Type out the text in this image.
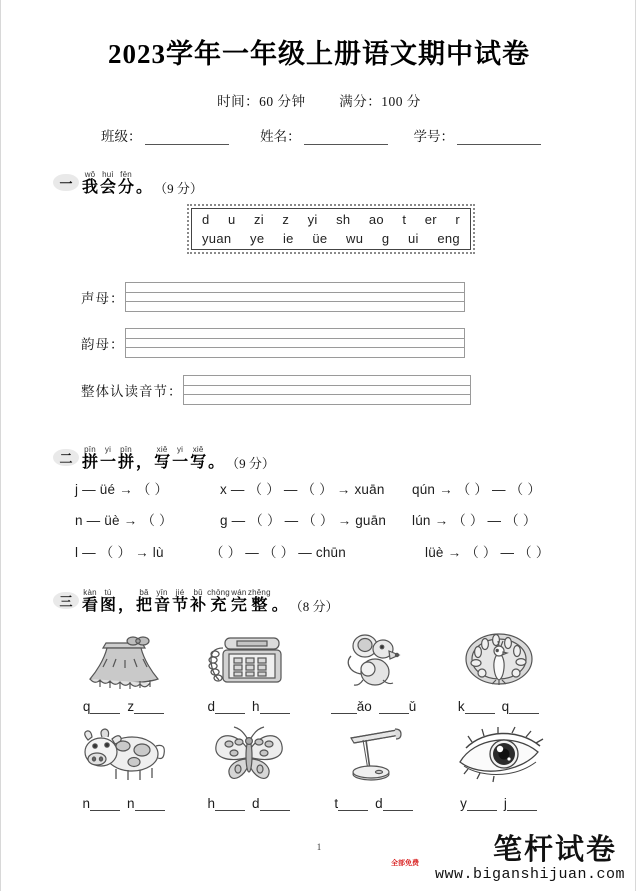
2023学年一年级上册语文期中试卷
时间：60 分钟	满分：100 分
班级：	姓名：	学号：
一
wǒ
我
huì
会
fēn
分 。 （9 分）
d u zi z yi sh ao t er r
yuan ye ie üe wu g ui eng
声母：
韵母：
整体认读音节：
二
pīn
拼
yi
一
pīn
拼 ，
xiě
写
yi
一
xiě
写 。 （9 分）
j — üé → （ ）	x — （ ） — （ ） → xuān	qún → （ ） — （ ）
n — üè → （ ）	g — （ ） — （ ） → guān	lún → （ ） — （ ）
l — （ ） → lù	（ ） — （ ） — chūn	lüè → （ ） — （ ）
三
kàn
看
tú
图 ，
bǎ
把
yīn
音
jié
节
bǔ
补
chōng
充
wán
完
zhěng
整 。 （8 分）
q	z	d	h	ǎo	ǔ	k	q
n	n	h	d	t	d	y	j
1
全部免费	笔杆试卷
www.biganshijuan.com
